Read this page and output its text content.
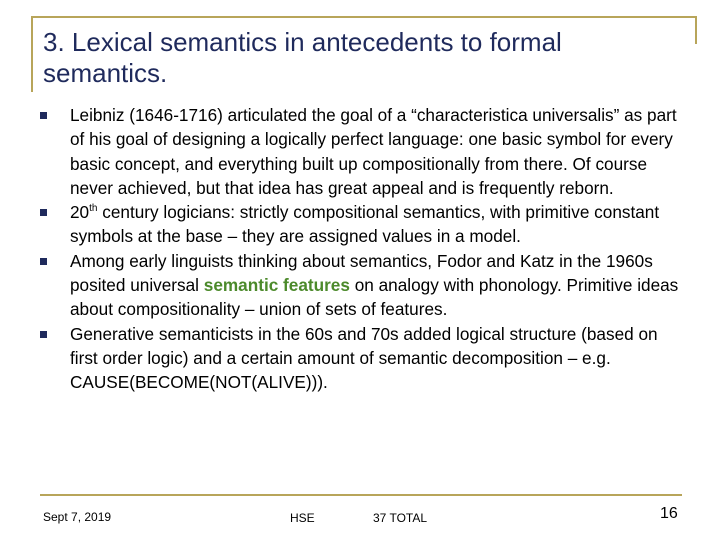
3. Lexical semantics in antecedents to formal semantics.
Leibniz (1646-1716) articulated the goal of a “characteristica universalis” as part of his goal of designing a logically perfect language: one basic symbol for every basic concept, and everything built up compositionally from there. Of course never achieved, but that idea has great appeal and is frequently reborn.
20th century logicians: strictly compositional semantics, with primitive constant symbols at the base – they are assigned values in a model.
Among early linguists thinking about semantics, Fodor and Katz in the 1960s posited universal semantic features on analogy with phonology. Primitive ideas about compositionality – union of sets of features.
Generative semanticists in the 60s and 70s added logical structure (based on first order logic) and a certain amount of semantic decomposition – e.g. CAUSE(BECOME(NOT(ALIVE))).
Sept 7, 2019	HSE	37 TOTAL	16
